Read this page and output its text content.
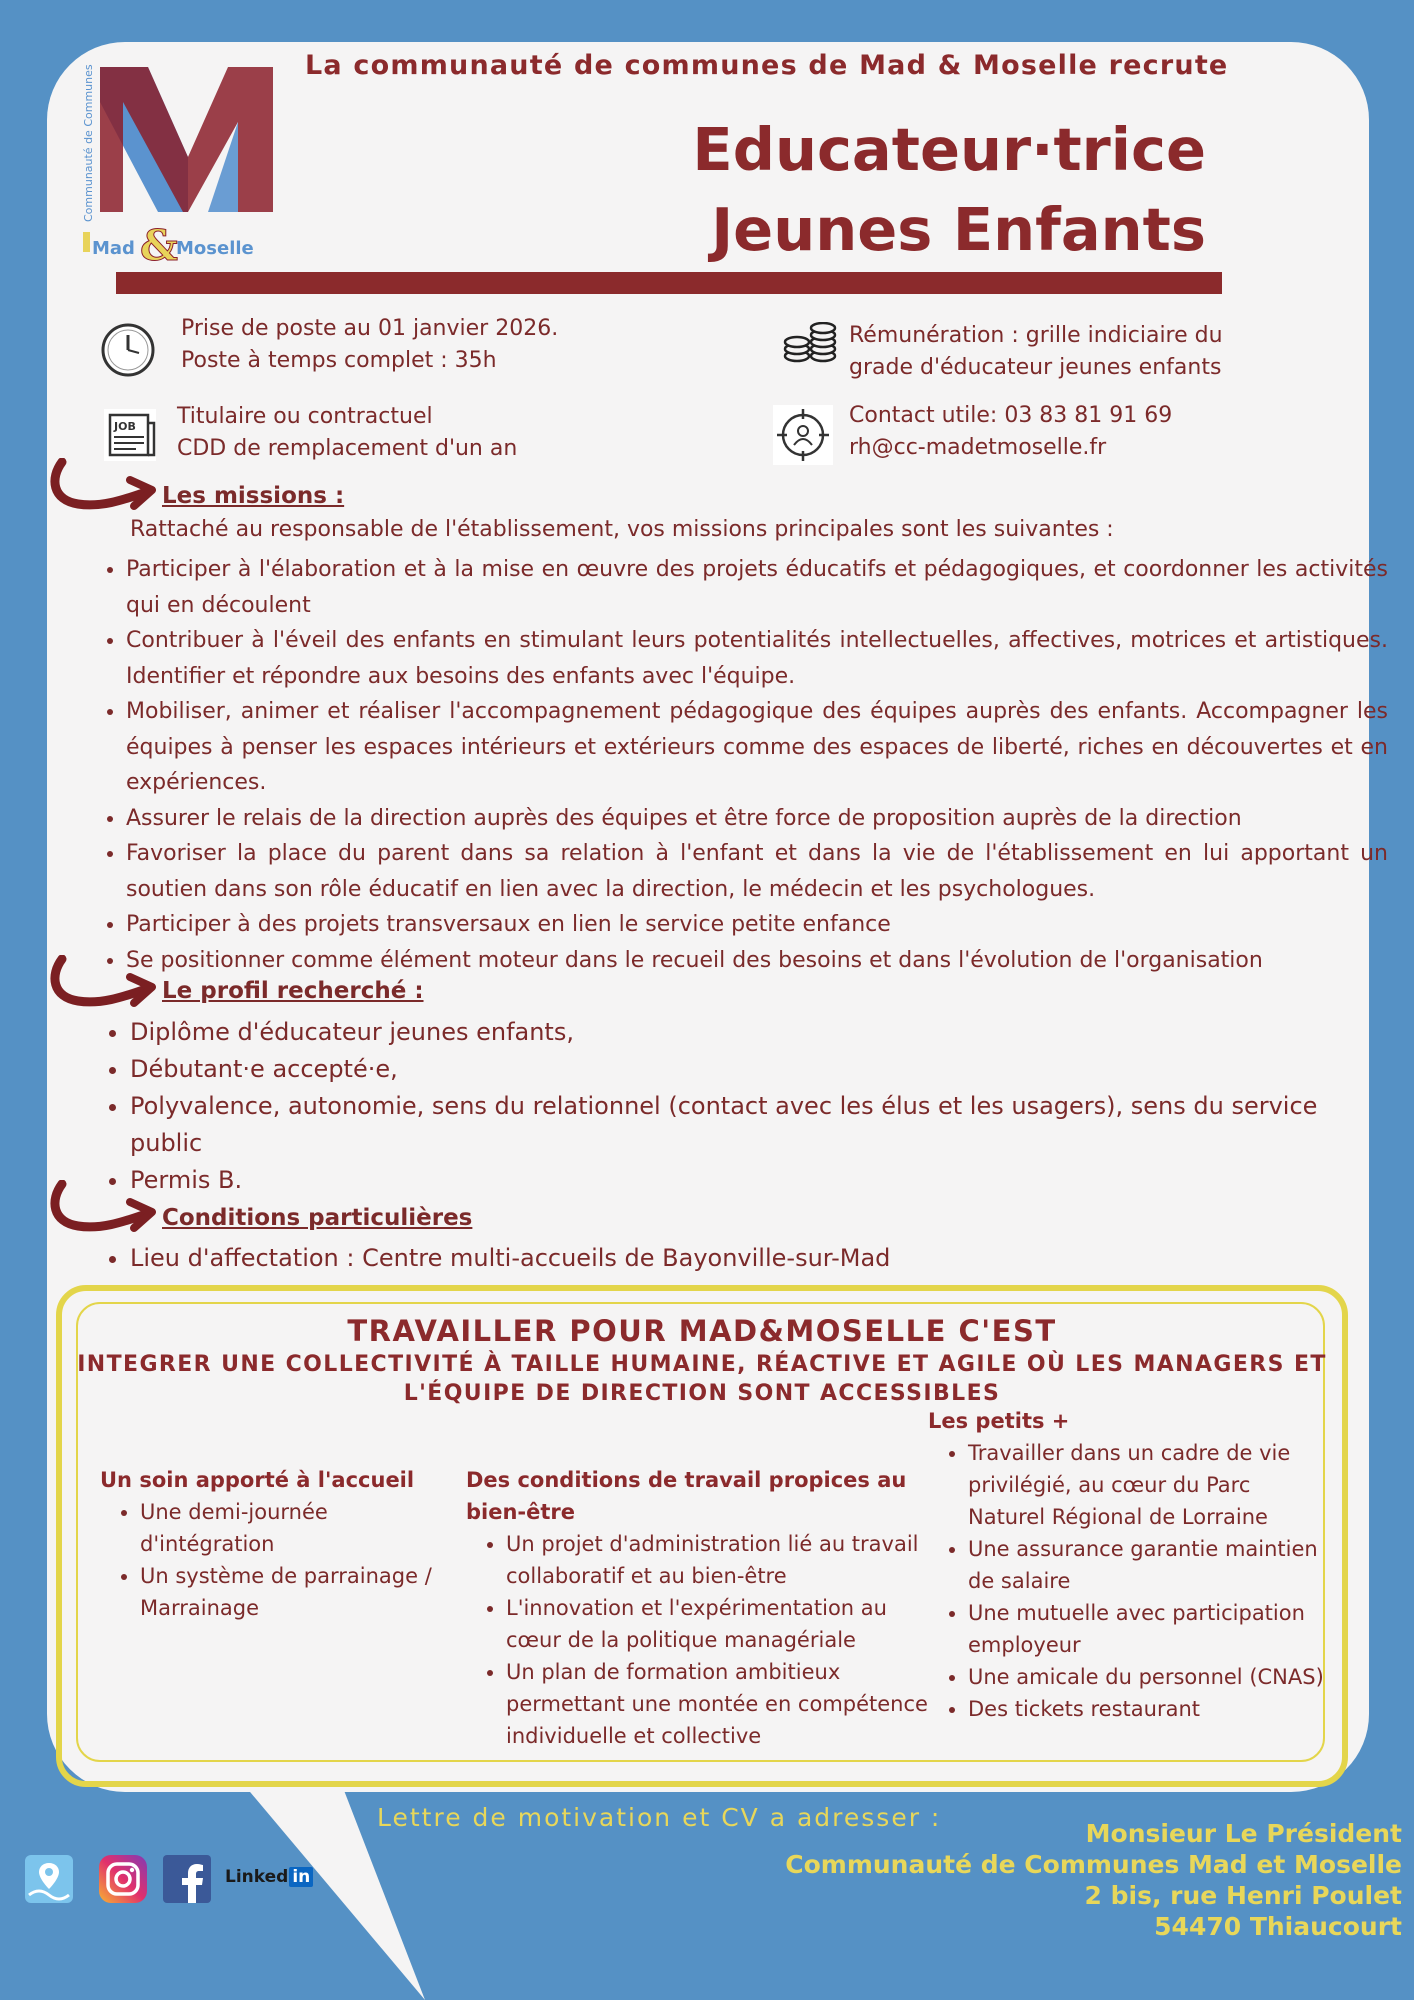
Mad &
Moselle
Communauté de Communes	La communauté de communes de Mad & Moselle recrute
Educateur·trice
Jeunes Enfants
Prise de poste au 01 janvier 2026.
Poste à temps complet : 35h
Rémunération : grille indiciaire du
grade d'éducateur jeunes enfants
JOB Titulaire ou contractuel
CDD de remplacement d'un an
Contact utile: 03 83 81 91 69
rh@cc-madetmoselle.fr
Les missions :
Rattaché au responsable de l'établissement, vos missions principales sont les suivantes :
• Participer à l'élaboration et à la mise en œuvre des projets éducatifs et pédagogiques, et coordonner les activités qui en découlent
• Contribuer à l'éveil des enfants en stimulant leurs potentialités intellectuelles, affectives, motrices et artistiques. Identifier et répondre aux besoins des enfants avec l'équipe.
• Mobiliser, animer et réaliser l'accompagnement pédagogique des équipes auprès des enfants. Accompagner les équipes à penser les espaces intérieurs et extérieurs comme des espaces de liberté, riches en découvertes et en expériences.
• Assurer le relais de la direction auprès des équipes et être force de proposition auprès de la direction
• Favoriser la place du parent dans sa relation à l'enfant et dans la vie de l'établissement en lui apportant un soutien dans son rôle éducatif en lien avec la direction, le médecin et les psychologues.
• Participer à des projets transversaux en lien le service petite enfance
• Se positionner comme élément moteur dans le recueil des besoins et dans l'évolution de l'organisation
Le profil recherché :
• Diplôme d'éducateur jeunes enfants,
• Débutant·e accepté·e,
• Polyvalence, autonomie, sens du relationnel (contact avec les élus et les usagers), sens du service public
• Permis B.
Conditions particulières
• Lieu d'affectation : Centre multi-accueils de Bayonville-sur-Mad
TRAVAILLER POUR MAD&MOSELLE C'EST
INTEGRER UNE COLLECTIVITÉ À TAILLE HUMAINE, RÉACTIVE ET AGILE OÙ LES MANAGERS ET L'ÉQUIPE DE DIRECTION SONT ACCESSIBLES
Un soin apporté à l'accueil
• Une demi-journée d'intégration
• Un système de parrainage / Marrainage
Des conditions de travail propices au bien-être
• Un projet d'administration lié au travail collaboratif et au bien-être
• L'innovation et l'expérimentation au cœur de la politique managériale
• Un plan de formation ambitieux permettant une montée en compétence individuelle et collective
Les petits +
• Travailler dans un cadre de vie privilégié, au cœur du Parc Naturel Régional de Lorraine
• Une assurance garantie maintien de salaire
• Une mutuelle avec participation employeur
• Une amicale du personnel (CNAS)
• Des tickets restaurant
Lettre de motivation et CV a adresser :
Monsieur Le Président
Communauté de Communes Mad et Moselle
2 bis, rue Henri Poulet
54470 Thiaucourt
Linked in
